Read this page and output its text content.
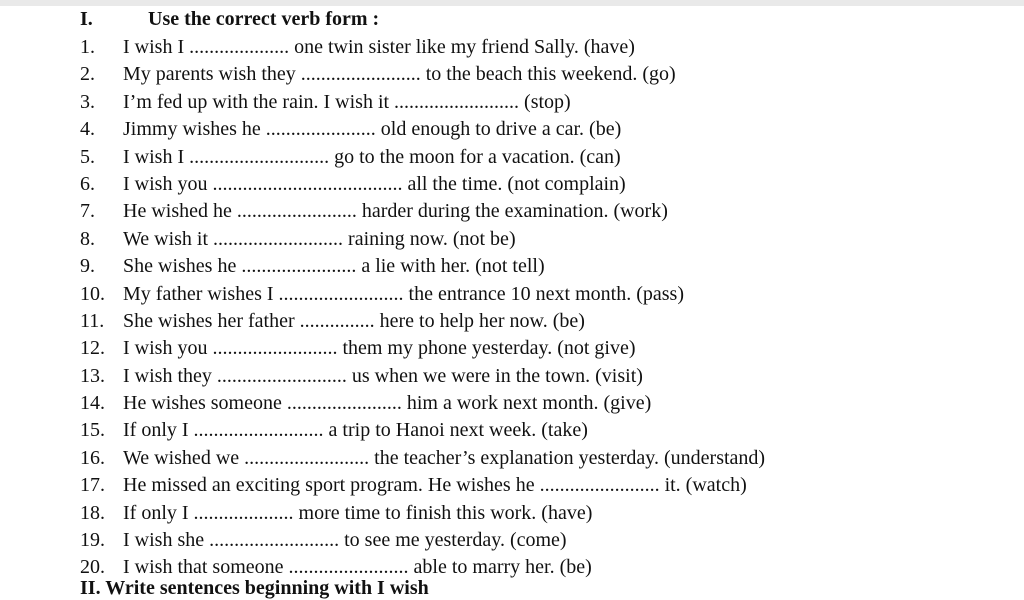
I.	Use the correct verb form :
1. I wish I .................... one twin sister like my friend Sally. (have)
2. My parents wish they ........................ to the beach this weekend. (go)
3. I’m fed up with the rain. I wish it ......................... (stop)
4. Jimmy wishes he ...................... old enough to drive a car. (be)
5. I wish I ............................ go to the moon for a vacation. (can)
6. I wish you ...................................... all the time. (not complain)
7. He wished he ........................ harder during the examination. (work)
8. We wish it .......................... raining now. (not be)
9. She wishes he ....................... a lie with her. (not tell)
10. My father wishes I ......................... the entrance 10 next month. (pass)
11. She wishes her father ............... here to help her now. (be)
12. I wish you ......................... them my phone yesterday. (not give)
13. I wish they .......................... us when we were in the town. (visit)
14. He wishes someone ....................... him a work next month. (give)
15. If only I .......................... a trip to Hanoi next week. (take)
16. We wished we ......................... the teacher’s explanation yesterday. (understand)
17. He missed an exciting sport program. He wishes he ........................ it. (watch)
18. If only I .................... more time to finish this work. (have)
19. I wish she .......................... to see me yesterday. (come)
20. I wish that someone ........................ able to marry her. (be)
II. Write sentences beginning with I wish
